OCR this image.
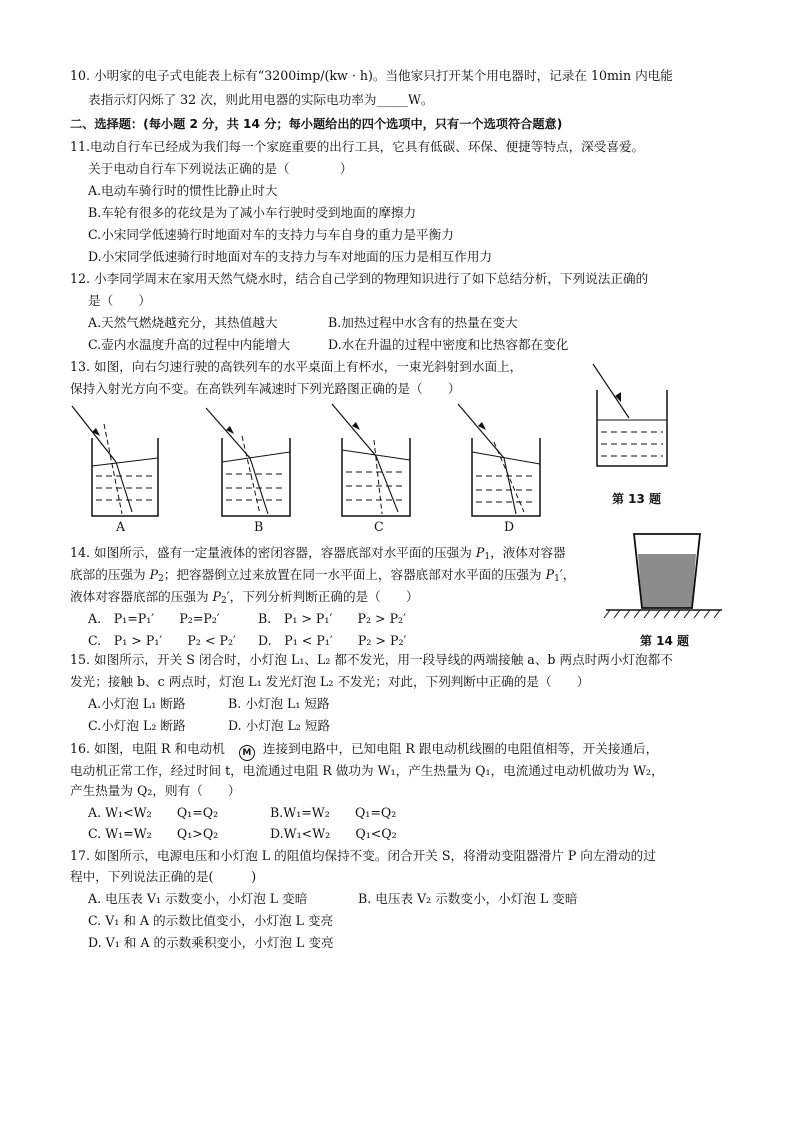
10. 小明家的电子式电能表上标有“3200imp/(kw · h)。当他家只打开某个用电器时，记录在 10min 内电能
表指示灯闪烁了 32 次，则此用电器的实际电功率为_____W。
二、选择题：(每小题 2 分，共 14 分；每小题给出的四个选项中，只有一个选项符合题意)
11.电动自行车已经成为我们每一个家庭重要的出行工具，它具有低碳、环保、便捷等特点，深受喜爱。
关于电动自行车下列说法正确的是（　　　　）
A.电动车骑行时的惯性比静止时大
B.车轮有很多的花纹是为了减小车行驶时受到地面的摩擦力
C.小宋同学低速骑行时地面对车的支持力与车自身的重力是平衡力
D.小宋同学低速骑行时地面对车的支持力与车对地面的压力是相互作用力
12. 小李同学周末在家用天然气烧水时，结合自己学到的物理知识进行了如下总结分析，下列说法正确的
是（　　）
A.天然气燃烧越充分，其热值越大	B.加热过程中水含有的热量在变大
C.壶内水温度升高的过程中内能增大	D.水在升温的过程中密度和比热容都在变化
13. 如图，向右匀速行驶的高铁列车的水平桌面上有杯水，一束光斜射到水面上，
保持入射光方向不变。在高铁列车减速时下列光路图正确的是（　　）
A	B	C	D
第 13 题
14. 如图所示，盛有一定量液体的密闭容器，容器底部对水平面的压强为 $P_1$，液体对容器
底部的压强为 $P_2$；把容器倒立过来放置在同一水平面上，容器底部对水平面的压强为 $P_1'$，
液体对容器底部的压强为 $P_2'$，下列分析判断正确的是（　　）
A.　P₁=P₁′　　P₂=P₂′	B.　P₁ > P₁′　　P₂ > P₂′
C.　P₁ > P₁′　　P₂ < P₂′ D.　P₁ < P₁′　　P₂ > P₂′	第 14 题
15. 如图所示，开关 S 闭合时，小灯泡 L₁、L₂ 都不发光，用一段导线的两端接触 a、b 两点时两小灯泡都不
发光；接触 b、c 两点时，灯泡 L₁ 发光灯泡 L₂ 不发光；对此，下列判断中正确的是（　　）
A.小灯泡 L₁ 断路	B. 小灯泡 L₁ 短路
C.小灯泡 L₂ 断路	D. 小灯泡 L₂ 短路
16. 如图，电阻 R 和电动机 M 连接到电路中，已知电阻 R 跟电动机线圈的电阻值相等，开关接通后，
电动机正常工作，经过时间 t，电流通过电阻 R 做功为 W₁，产生热量为 Q₁，电流通过电动机做功为 W₂，
产生热量为 Q₂，则有（　　）
A. W₁<W₂　　Q₁=Q₂	B.W₁=W₂　　Q₁=Q₂
C. W₁=W₂　　Q₁>Q₂	D.W₁<W₂　　Q₁<Q₂
17. 如图所示，电源电压和小灯泡 L 的阻值均保持不变。闭合开关 S，将滑动变阻器滑片 P 向左滑动的过
程中，下列说法正确的是(　　　)
A. 电压表 V₁ 示数变小，小灯泡 L 变暗	B. 电压表 V₂ 示数变小，小灯泡 L 变暗
C. V₁ 和 A 的示数比值变小，小灯泡 L 变亮
D. V₁ 和 A 的示数乘积变小，小灯泡 L 变亮
